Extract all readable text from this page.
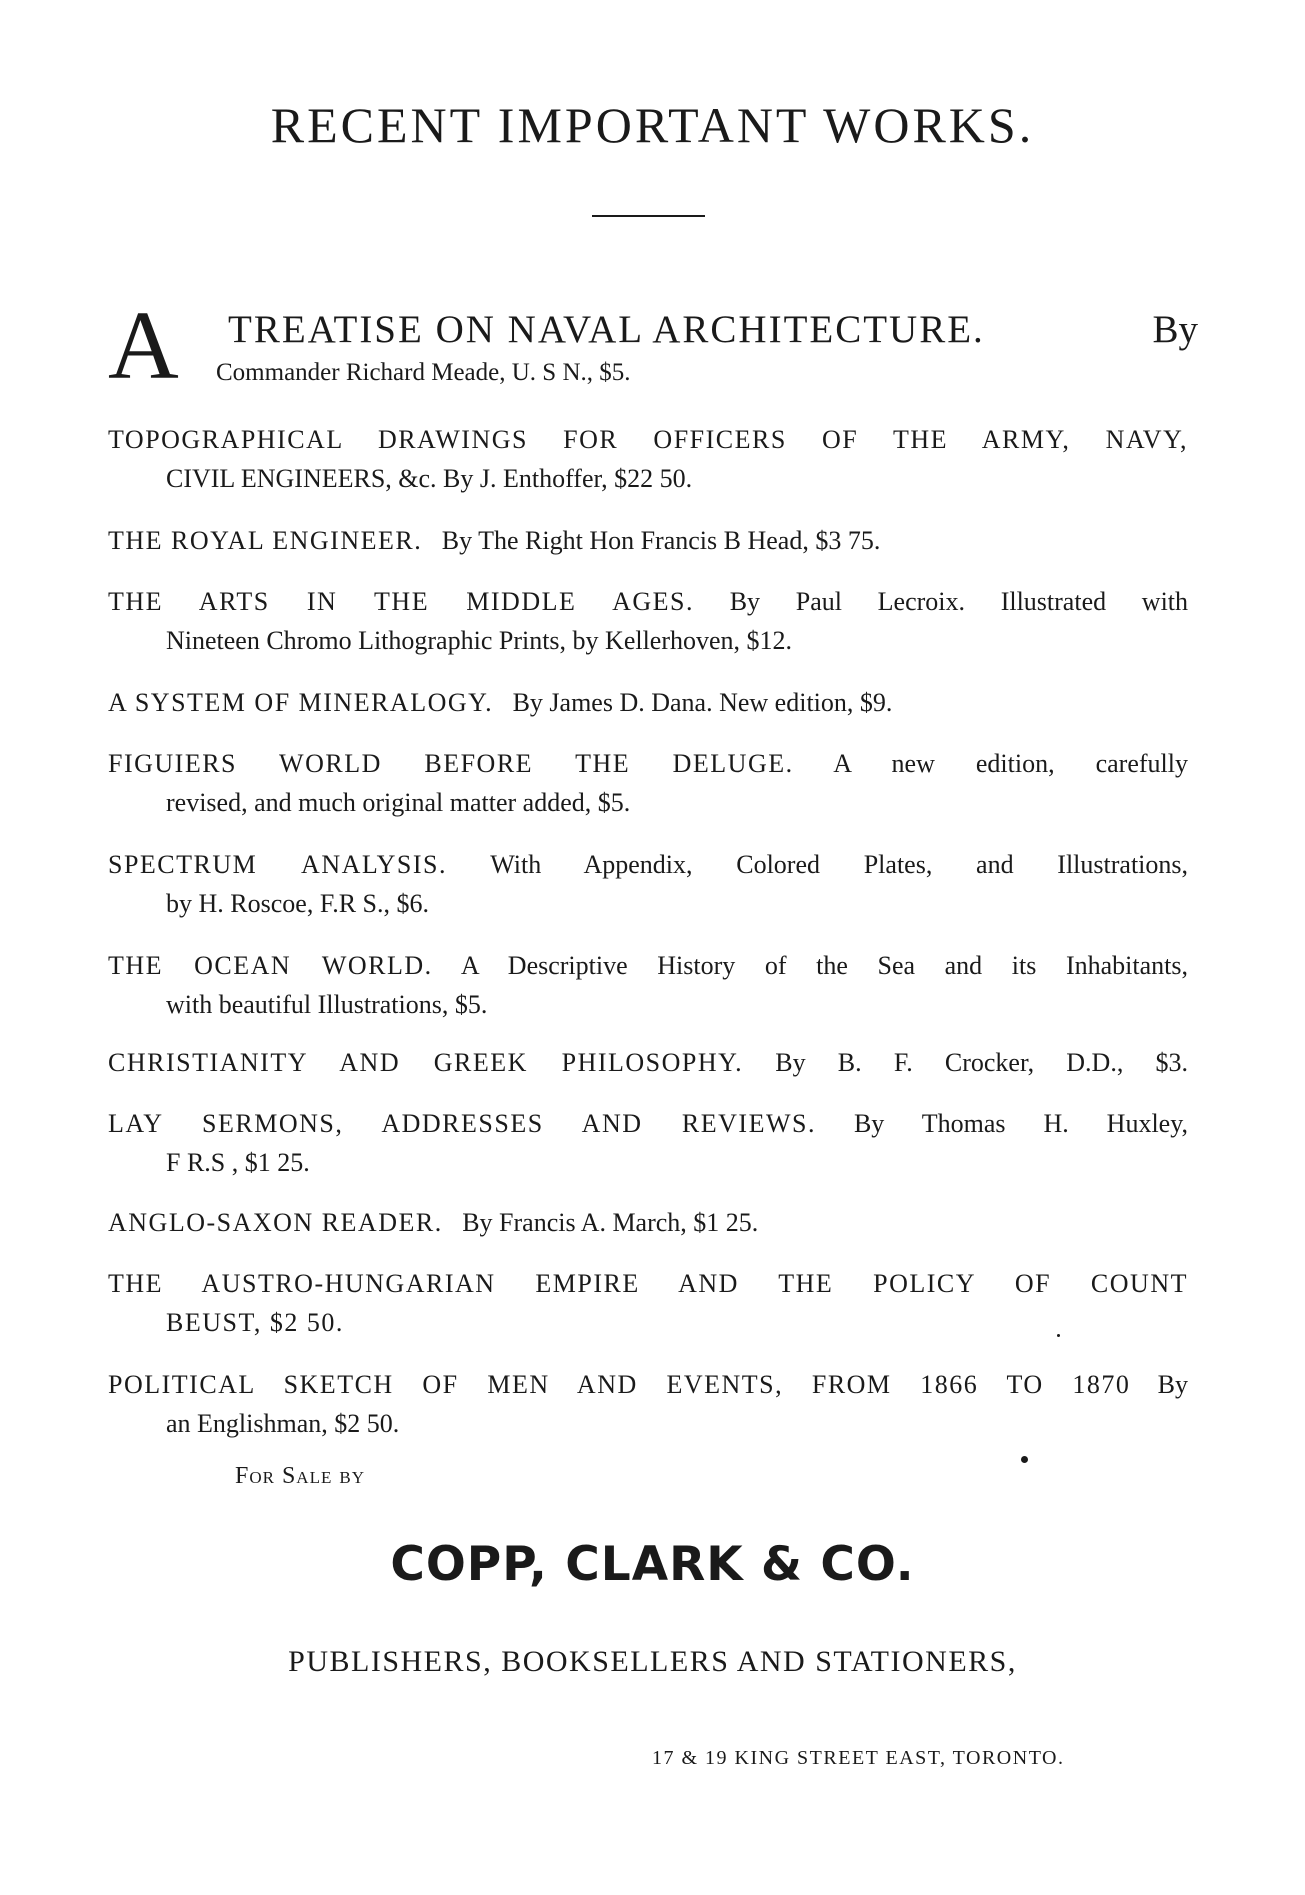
RECENT IMPORTANT WORKS.
A TREATISE ON NAVAL ARCHITECTURE.	By
Commander Richard Meade, U. S N., $5.
TOPOGRAPHICAL DRAWINGS FOR OFFICERS OF THE ARMY, NAVY,
CIVIL ENGINEERS, &c. By J. Enthoffer, $22 50.
THE ROYAL ENGINEER. By The Right Hon Francis B Head, $3 75.
THE ARTS IN THE MIDDLE AGES. By Paul Lecroix. Illustrated with
Nineteen Chromo Lithographic Prints, by Kellerhoven, $12.
A SYSTEM OF MINERALOGY. By James D. Dana. New edition, $9.
FIGUIERS WORLD BEFORE THE DELUGE. A new edition, carefully
revised, and much original matter added, $5.
SPECTRUM ANALYSIS. With Appendix, Colored Plates, and Illustrations,
by H. Roscoe, F.R S., $6.
THE OCEAN WORLD. A Descriptive History of the Sea and its Inhabitants,
with beautiful Illustrations, $5.
CHRISTIANITY AND GREEK PHILOSOPHY. By B. F. Crocker, D.D., $3.
LAY SERMONS, ADDRESSES AND REVIEWS. By Thomas H. Huxley,
F R.S , $1 25.
ANGLO-SAXON READER. By Francis A. March, $1 25.
THE AUSTRO-HUNGARIAN EMPIRE AND THE POLICY OF COUNT
BEUST, $2 50.
POLITICAL SKETCH OF MEN AND EVENTS, FROM 1866 TO 1870 By
an Englishman, $2 50.
For Sale by
COPP, CLARK & CO.
PUBLISHERS, BOOKSELLERS AND STATIONERS,
17 & 19 KING STREET EAST, TORONTO.
